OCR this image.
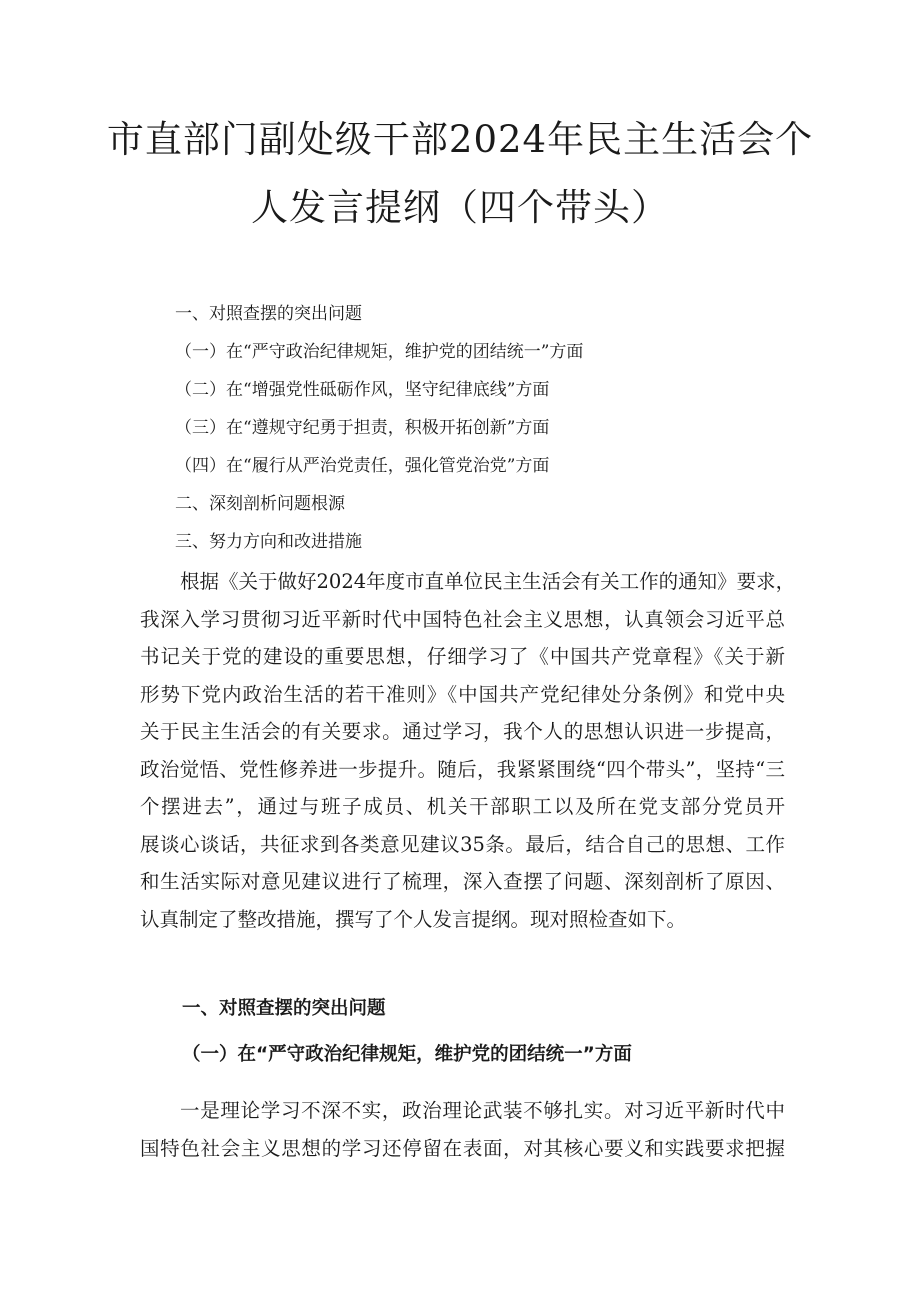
市直部门副处级干部2024年民主生活会个
人发言提纲（四个带头）
一、对照查摆的突出问题
（一）在“严守政治纪律规矩，维护党的团结统一”方面
（二）在“增强党性砥砺作风，坚守纪律底线”方面
（三）在“遵规守纪勇于担责，积极开拓创新”方面
（四）在“履行从严治党责任，强化管党治党”方面
二、深刻剖析问题根源
三、努力方向和改进措施
根据《关于做好2024年度市直单位民主生活会有关工作的通知》要求，
我深入学习贯彻习近平新时代中国特色社会主义思想，认真领会习近平总
书记关于党的建设的重要思想，仔细学习了《中国共产党章程》《关于新
形势下党内政治生活的若干准则》《中国共产党纪律处分条例》和党中央
关于民主生活会的有关要求。通过学习，我个人的思想认识进一步提高，
政治觉悟、党性修养进一步提升。随后，我紧紧围绕“四个带头”，坚持“三
个摆进去”，通过与班子成员、机关干部职工以及所在党支部分党员开
展谈心谈话，共征求到各类意见建议35条。最后，结合自己的思想、工作
和生活实际对意见建议进行了梳理，深入查摆了问题、深刻剖析了原因、
认真制定了整改措施，撰写了个人发言提纲。现对照检查如下。
一、对照查摆的突出问题
（一）在“严守政治纪律规矩，维护党的团结统一”方面
一是理论学习不深不实，政治理论武装不够扎实。对习近平新时代中
国特色社会主义思想的学习还停留在表面，对其核心要义和实践要求把握
